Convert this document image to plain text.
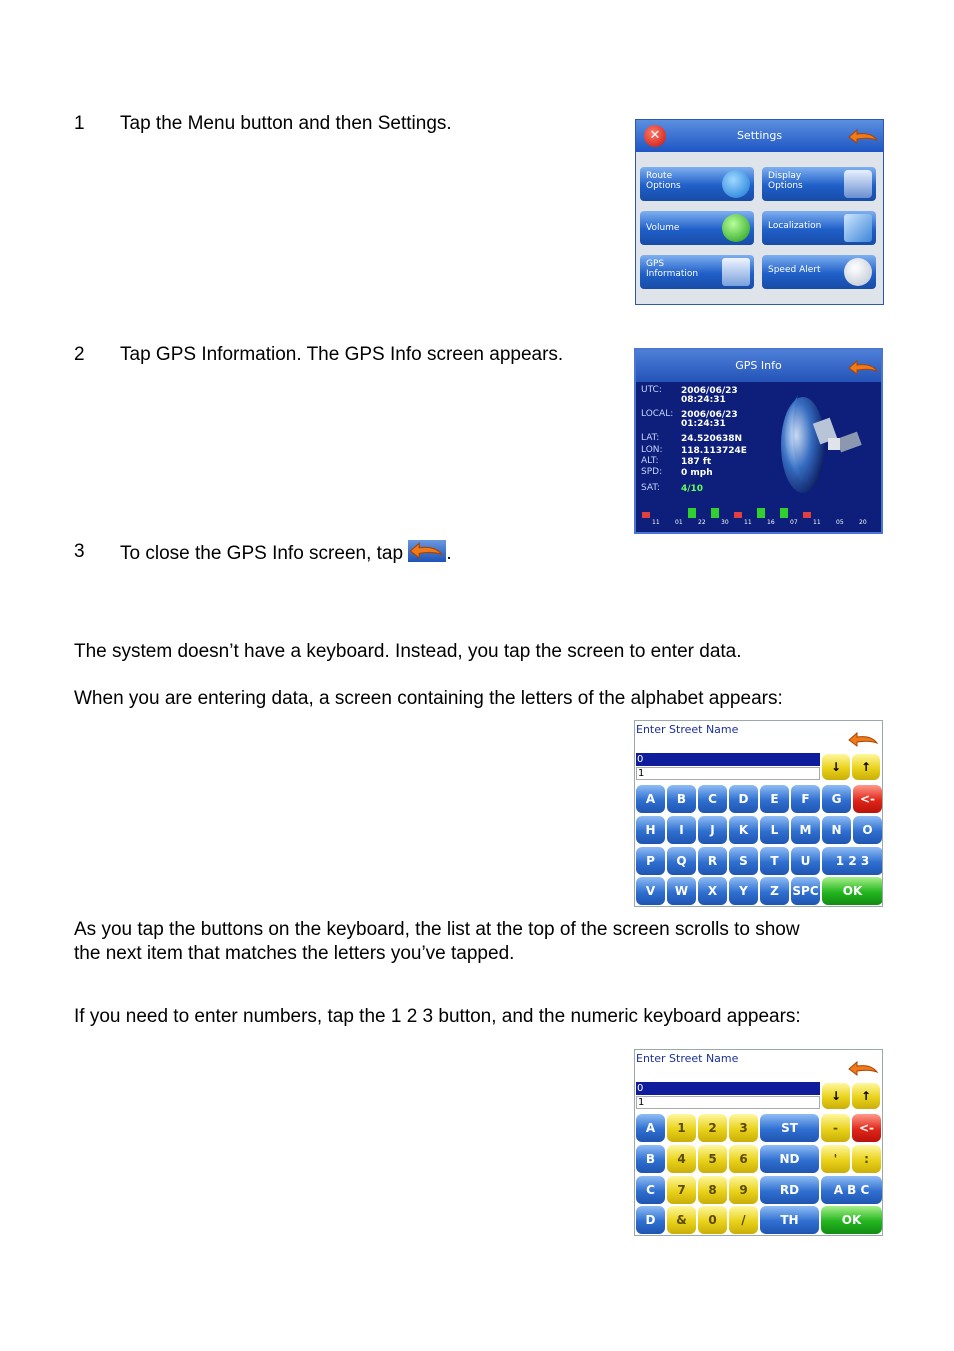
1 Tap the Menu button and then Settings.
Settings
✕
Route Options
Display Options
Volume	Localization
GPS Information	Speed Alert
2 Tap GPS Information. The GPS Info screen appears.
GPS Info
UTC: 2006/06/23
08:24:31
LOCAL: 2006/06/23
01:24:31
LAT: 24.520638N
LON: 118.113724E
ALT:	187 ft
SPD: 0 mph
SAT: 4/10
11	01	22	30	11	16	07	11	05	20
3 To close the GPS Info screen, tap .
The system doesn’t have a keyboard. Instead, you tap the screen to enter data.
When you are entering data, a screen containing the letters of the alphabet appears:
Enter Street Name
0
1	↓	↑
A	B	C	D	E	F	G	<-
H	I	J	K	L	M	N	O
P	Q	R	S	T	U	1 2 3
V	W	X	Y	Z	SPC	OK
As you tap the buttons on the keyboard, the list at the top of the screen scrolls to show
the next item that matches the letters you’ve tapped.
If you need to enter numbers, tap the 1 2 3 button, and the numeric keyboard appears:
Enter Street Name
0
1	↓	↑
A	1	2	3	ST	-	<-
B	4	5	6	ND	'	:
C	7	8	9	RD	A B C
D	&	0	/	TH	OK
